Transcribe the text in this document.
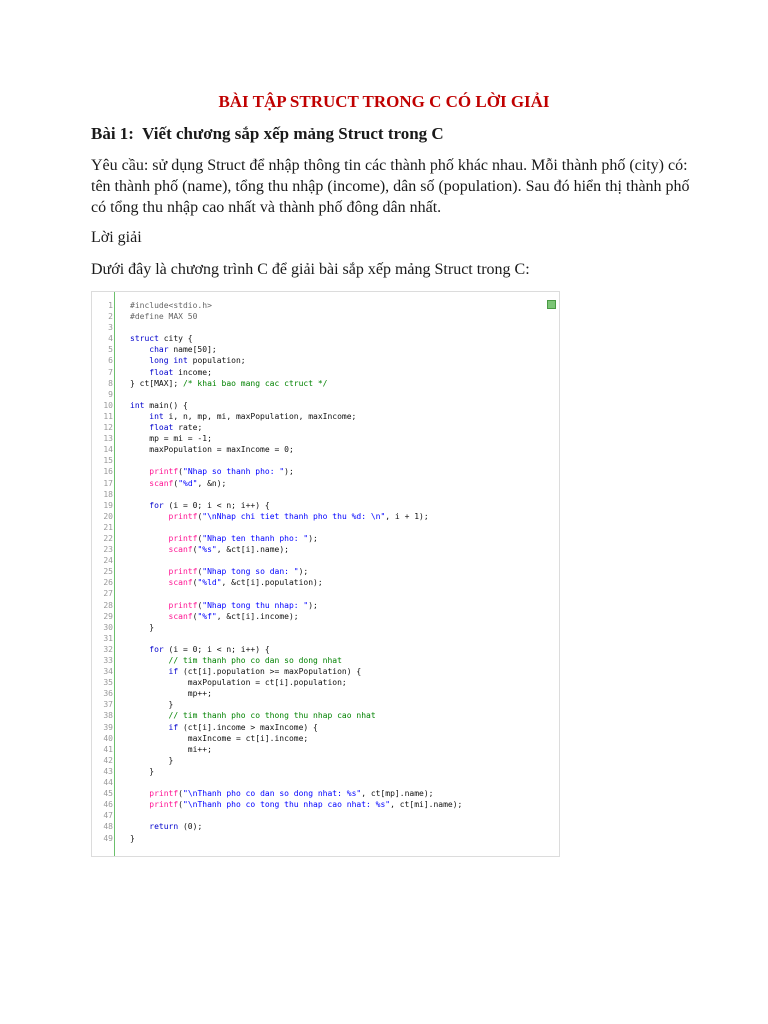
BÀI TẬP STRUCT TRONG C CÓ LỜI GIẢI
Bài 1:  Viết chương sắp xếp mảng Struct trong C
Yêu cầu: sử dụng Struct để nhập thông tin các thành phố khác nhau. Mỗi thành phố (city) có: tên thành phố (name), tổng thu nhập (income), dân số (population). Sau đó hiển thị thành phố có tổng thu nhập cao nhất và thành phố đông dân nhất.
Lời giải
Dưới đây là chương trình C để giải bài sắp xếp mảng Struct trong C:
1	#include<stdio.h>
2	#define MAX 50
3
4	struct city {
5	char name[50];
6	long int population;
7	float income;
8	} ct[MAX]; /* khai bao mang cac ctruct */
9
10	int main() {
11	int i, n, mp, mi, maxPopulation, maxIncome;
12	float rate;
13	mp = mi = -1;
14	maxPopulation = maxIncome = 0;
15
16	printf("Nhap so thanh pho: ");
17	scanf("%d", &n);
18
19	for (i = 0; i < n; i++) {
20	printf("\nNhap chi tiet thanh pho thu %d: \n", i + 1);
21
22	printf("Nhap ten thanh pho: ");
23	scanf("%s", &ct[i].name);
24
25	printf("Nhap tong so dan: ");
26	scanf("%ld", &ct[i].population);
27
28	printf("Nhap tong thu nhap: ");
29	scanf("%f", &ct[i].income);
30	}
31
32	for (i = 0; i < n; i++) {
33	// tim thanh pho co dan so dong nhat
34	if (ct[i].population >= maxPopulation) {
35	maxPopulation = ct[i].population;
36	mp++;
37	}
38	// tim thanh pho co thong thu nhap cao nhat
39	if (ct[i].income > maxIncome) {
40	maxIncome = ct[i].income;
41	mi++;
42	}
43	}
44
45	printf("\nThanh pho co dan so dong nhat: %s", ct[mp].name);
46	printf("\nThanh pho co tong thu nhap cao nhat: %s", ct[mi].name);
47
48	return (0);
49	}
